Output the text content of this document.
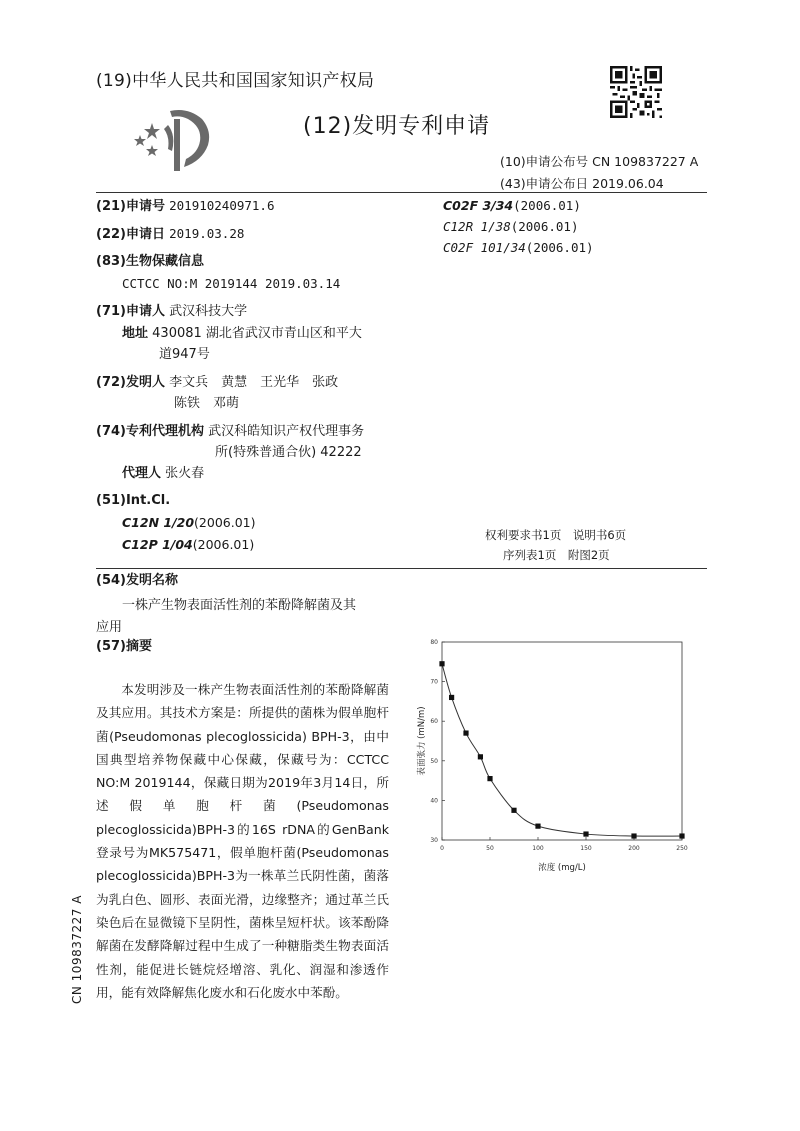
(19)中华人民共和国国家知识产权局
(12)发明专利申请
(10)申请公布号 CN 109837227 A
(43)申请公布日 2019.06.04
(21)申请号 201910240971.6
(22)申请日 2019.03.28
(83)生物保藏信息
CCTCC NO:M 2019144 2019.03.14
(71)申请人 武汉科技大学
地址 430081 湖北省武汉市青山区和平大
道947号
(72)发明人 李文兵　黄慧　王光华　张政
陈铁　邓萌
(74)专利代理机构 武汉科皓知识产权代理事务
所(特殊普通合伙) 42222
代理人 张火春
(51)Int.Cl.
C12N 1/20(2006.01)
C12P 1/04(2006.01)
C02F 3/34(2006.01)
C12R 1/38(2006.01)
C02F 101/34(2006.01)
权利要求书1页　说明书6页
序列表1页　附图2页
(54)发明名称
一株产生物表面活性剂的苯酚降解菌及其
应用
(57)摘要

本发明涉及一株产生物表面活性剂的苯酚降解菌及其应用。其技术方案是：所提供的菌株为假单胞杆菌(Pseudomonas plecoglossicida) BPH-3，由中国典型培养物保藏中心保藏，保藏号为：CCTCC NO:M 2019144，保藏日期为2019年3月14日，所述假单胞杆菌(Pseudomonas plecoglossicida)BPH-3的16S rDNA的GenBank登录号为MK575471，假单胞杆菌(Pseudomonas plecoglossicida)BPH-3为一株革兰氏阴性菌，菌落为乳白色、圆形、表面光滑，边缘整齐；通过革兰氏染色后在显微镜下呈阴性，菌株呈短杆状。该苯酚降解菌在发酵降解过程中生成了一种糖脂类生物表面活性剂，能促进长链烷烃增溶、乳化、润湿和渗透作用，能有效降解焦化废水和石化废水中苯酚。

0	50	100	150	200	250
30
40
50
60
70
80
浓度 (mg/L)
表面张力 (mN/m)
CN 109837227 A
